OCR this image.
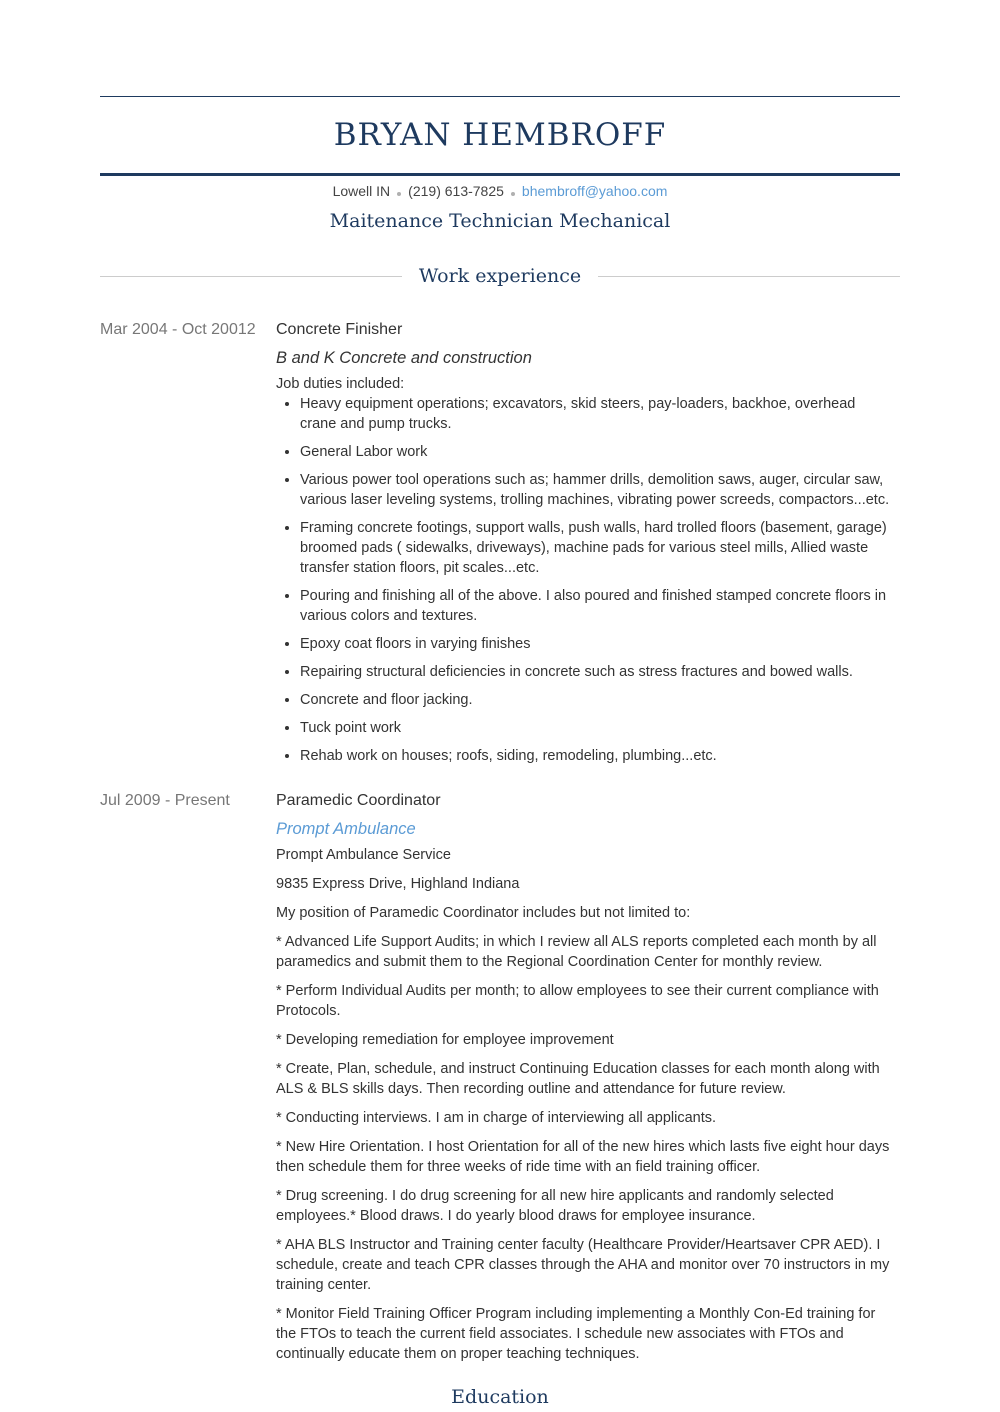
BRYAN HEMBROFF
Lowell IN (219) 613-7825 bhembroff@yahoo.com
Maitenance Technician Mechanical
Work experience
Mar 2004 - Oct 20012	Concrete Finisher
B and K Concrete and construction
Job duties included:
• Heavy equipment operations; excavators, skid steers, pay-loaders, backhoe, overhead crane and pump trucks.
• General Labor work
• Various power tool operations such as; hammer drills, demolition saws, auger, circular saw, various laser leveling systems, trolling machines, vibrating power screeds, compactors...etc.
• Framing concrete footings, support walls, push walls, hard trolled floors (basement, garage) broomed pads ( sidewalks, driveways), machine pads for various steel mills, Allied waste transfer station floors, pit scales...etc.
• Pouring and finishing all of the above. I also poured and finished stamped concrete floors in various colors and textures.
• Epoxy coat floors in varying finishes
• Repairing structural deficiencies in concrete such as stress fractures and bowed walls.
• Concrete and floor jacking.
• Tuck point work
• Rehab work on houses; roofs, siding, remodeling, plumbing...etc.
Jul 2009 - Present	Paramedic Coordinator
Prompt Ambulance

Prompt Ambulance Service

9835 Express Drive, Highland Indiana

My position of Paramedic Coordinator includes but not limited to:

* Advanced Life Support Audits; in which I review all ALS reports completed each month by all paramedics and submit them to the Regional Coordination Center for monthly review.

* Perform Individual Audits per month; to allow employees to see their current compliance with Protocols.

* Developing remediation for employee improvement

* Create, Plan, schedule, and instruct Continuing Education classes for each month along with ALS & BLS skills days. Then recording outline and attendance for future review.

* Conducting interviews. I am in charge of interviewing all applicants.

* New Hire Orientation. I host Orientation for all of the new hires which lasts five eight hour days then schedule them for three weeks of ride time with an field training officer.

* Drug screening. I do drug screening for all new hire applicants and randomly selected employees.* Blood draws. I do yearly blood draws for employee insurance.

* AHA BLS Instructor and Training center faculty (Healthcare Provider/Heartsaver CPR AED). I schedule, create and teach CPR classes through the AHA and monitor over 70 instructors in my training center.

* Monitor Field Training Officer Program including implementing a Monthly Con-Ed training for the FTOs to teach the current field associates. I schedule new associates with FTOs and continually educate them on proper teaching techniques.

Education
